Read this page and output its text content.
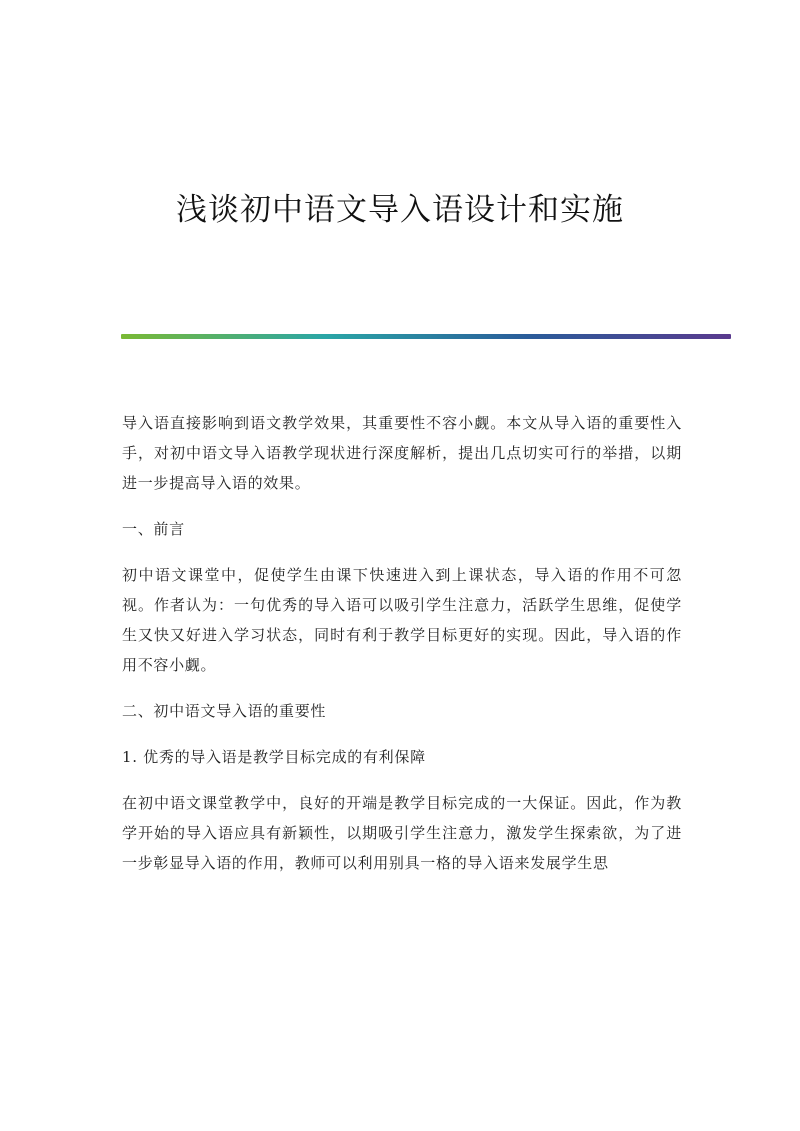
浅谈初中语文导入语设计和实施

导入语直接影响到语文教学效果，其重要性不容小觑。本文从导入语的重要性入手，对初中语文导入语教学现状进行深度解析，提出几点切实可行的举措，以期进一步提高导入语的效果。

一、前言

初中语文课堂中，促使学生由课下快速进入到上课状态，导入语的作用不可忽视。作者认为：一句优秀的导入语可以吸引学生注意力，活跃学生思维，促使学生又快又好进入学习状态，同时有利于教学目标更好的实现。因此，导入语的作用不容小觑。

二、初中语文导入语的重要性

1. 优秀的导入语是教学目标完成的有利保障

在初中语文课堂教学中，良好的开端是教学目标完成的一大保证。因此，作为教学开始的导入语应具有新颖性，以期吸引学生注意力，激发学生探索欲，为了进一步彰显导入语的作用，教师可以利用别具一格的导入语来发展学生思
